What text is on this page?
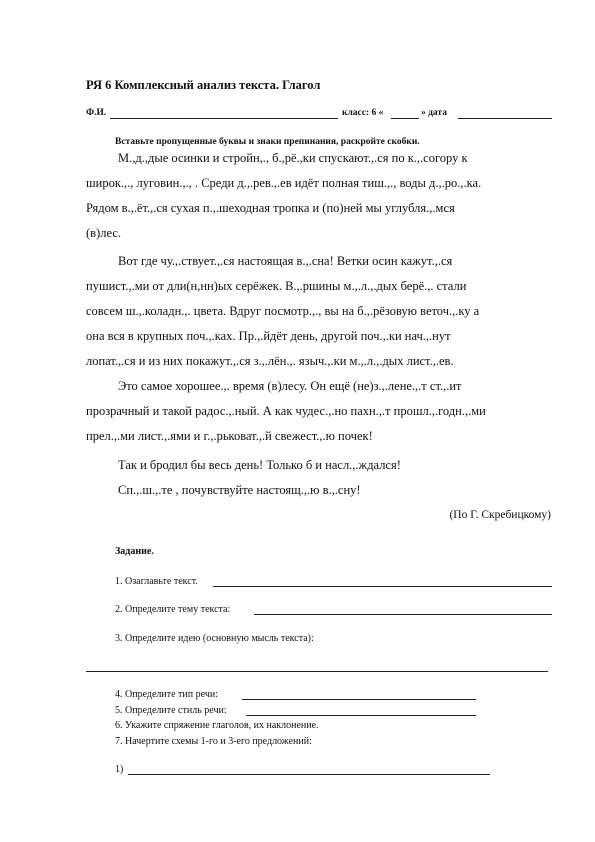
РЯ 6 Комплексный анализ текста. Глагол
Ф.И.	класс: 6 «	» дата
Вставьте пропущенные буквы и знаки препинания, раскройте скобки.
М.,д.,дые осинки и стройн,., б.,рё.,ки спускают.,.ся по к.,.согору к
широк.,., луговин.,., . Среди д.,.рев.,.ев идёт полная тиш.,., воды д.,.ро.,.ка.
Рядом в.,.ёт.,.ся сухая п.,.шеходная тропка и (по)ней мы углубля.,.мся
(в)лес.
Вот где чу.,.ствует.,.ся настоящая в.,.сна! Ветки осин кажут.,.ся
пушист.,.ми от дли(н,нн)ых серёжек. В.,.ршины м.,.л.,.дых берё.,. стали
совсем ш.,.коладн.,. цвета. Вдруг посмотр.,., вы на б.,.рёзовую веточ.,.ку а
она вся в крупных поч.,.ках. Пр.,.йдёт день, другой поч.,.ки нач.,.нут
лопат.,.ся и из них покажут.,.ся з.,.лён.,. языч.,.ки м.,.л.,.дых лист.,.ев.
Это самое хорошее.,. время (в)лесу. Он ещё (не)з.,.ленe.,.т ст.,.ит
прозрачный и такой радос.,.ный. А как чудес.,.но пахн.,.т прошл.,.годн.,.ми
прел.,.ми лист.,.ями и г.,.рьковат.,.й свежест.,.ю почек!
Так и бродил бы весь день! Только б и насл.,.ждался!
Сп.,.ш.,.те , почувствуйте настоящ.,.ю в.,.сну!
(По Г. Скребицкому)
Задание.
1. Озаглавьте текст.
2. Определите тему текста:
3. Определите идею (основную мысль текста):
4. Определите тип речи:
5. Определите стиль речи:
6. Укажите спряжение глаголов, их наклонение.
7. Начертите схемы 1-го и 3-его предложений:
1)
